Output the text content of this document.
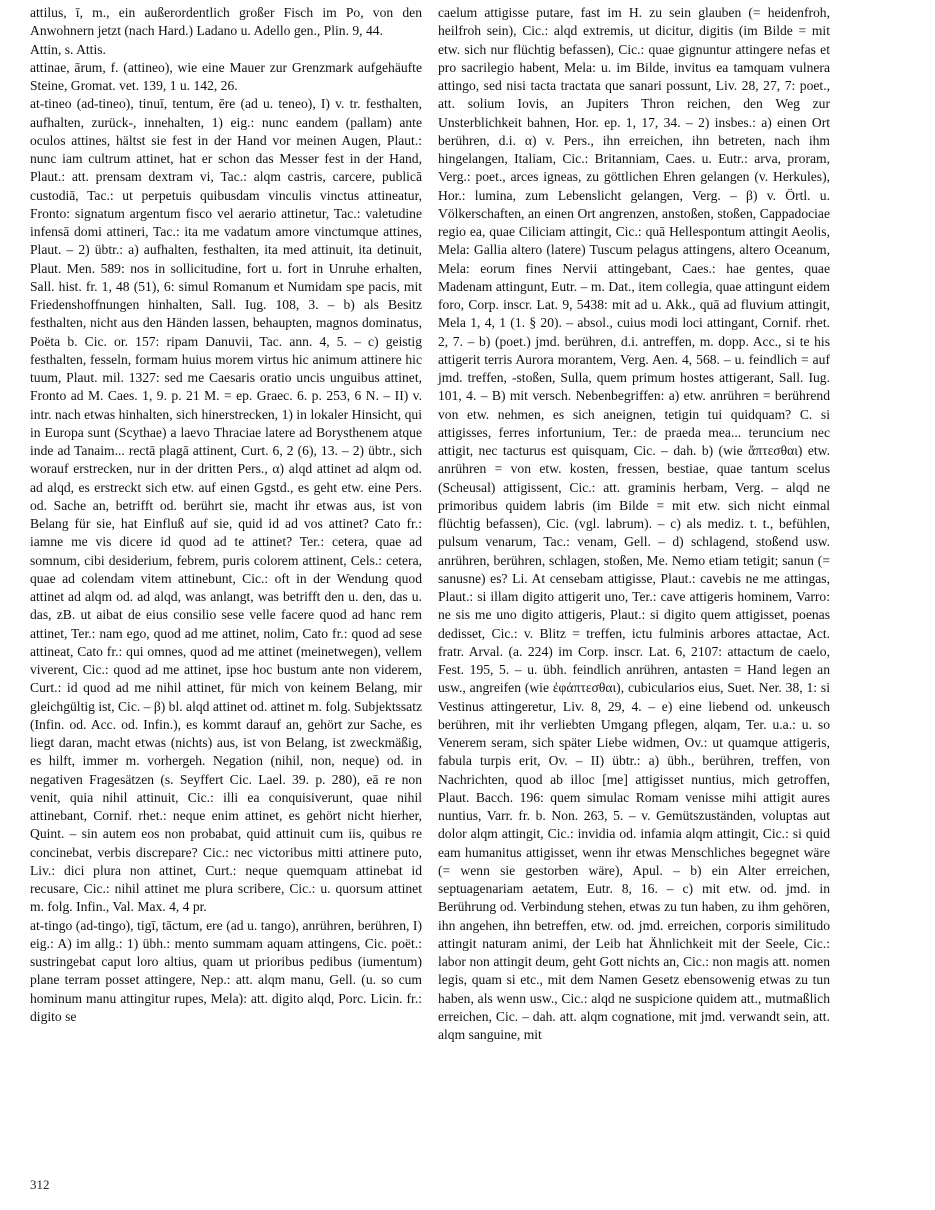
attilus, ī, m., ein außerordentlich großer Fisch im Po, von den Anwohnern jetzt (nach Hard.) Ladano u. Adello gen., Plin. 9, 44.

Attin, s. Attis.

attinae, ārum, f. (attineo), wie eine Mauer zur Grenzmark aufgehäufte Steine, Gromat. vet. 139, 1 u. 142, 26.

at-tineo (ad-tineo), tinuī, tentum, ēre (ad u. teneo), I) v. tr. festhalten, aufhalten, zurück-, innehalten, 1) eig.: nunc eandem (pallam) ante oculos attines, hältst sie fest in der Hand vor meinen Augen, Plaut.: nunc iam cultrum attinet, hat er schon das Messer fest in der Hand, Plaut.: att. prensam dextram vi, Tac.: alqm castris, carcere, publicā custodiā, Tac.: ut perpetuis quibusdam vinculis vinctus attineatur, Fronto: signatum argentum fisco vel aerario attinetur, Tac.: valetudine infensā domi attineri, Tac.: ita me vadatum amore vinctumque attines, Plaut. – 2) übtr.: a) aufhalten, festhalten, ita med attinuit, ita detinuit, Plaut. Men. 589: nos in sollicitudine, fort u. fort in Unruhe erhalten, Sall. hist. fr. 1, 48 (51), 6: simul Romanum et Numidam spe pacis, mit Friedenshoffnungen hinhalten, Sall. Iug. 108, 3. – b) als Besitz festhalten, nicht aus den Händen lassen, behaupten, magnos dominatus, Poëta b. Cic. or. 157: ripam Danuvii, Tac. ann. 4, 5. – c) geistig festhalten, fesseln, formam huius morem virtus hic animum attinere hic tuum, Plaut. mil. 1327: sed me Caesaris oratio uncis unguibus attinet, Fronto ad M. Caes. 1, 9. p. 21 M. = ep. Graec. 6. p. 253, 6 N. – II) v. intr. nach etwas hinhalten, sich hinerstrecken, 1) in lokaler Hinsicht, qui in Europa sunt (Scythae) a laevo Thraciae latere ad Borysthenem atque inde ad Tanaim... rectā plagā attinent, Curt. 6, 2 (6), 13. – 2) übtr., sich worauf erstrecken, nur in der dritten Pers., α) alqd attinet ad alqm od. ad alqd, es erstreckt sich etw. auf einen Ggstd., es geht etw. eine Pers. od. Sache an, betrifft od. berührt sie, macht ihr etwas aus, ist von Belang für sie, hat Einfluß auf sie, quid id ad vos attinet? Cato fr.: iamne me vis dicere id quod ad te attinet? Ter.: cetera, quae ad somnum, cibi desiderium, febrem, puris colorem attinent, Cels.: cetera, quae ad colendam vitem attinebunt, Cic.: oft in der Wendung quod attinet ad alqm od. ad alqd, was anlangt, was betrifft den u. den, das u. das, zB. ut aibat de eius consilio sese velle facere quod ad hanc rem attinet, Ter.: nam ego, quod ad me attinet, nolim, Cato fr.: quod ad sese attineat, Cato fr.: qui omnes, quod ad me attinet (meinetwegen), vellem viverent, Cic.: quod ad me attinet, ipse hoc bustum ante non viderem, Curt.: id quod ad me nihil attinet, für mich von keinem Belang, mir gleichgültig ist, Cic. – β) bl. alqd attinet od. attinet m. folg. Subjektssatz (Infin. od. Acc. od. Infin.), es kommt darauf an, gehört zur Sache, es liegt daran, macht etwas (nichts) aus, ist von Belang, ist zweckmäßig, es hilft, immer m. vorhergeh. Negation (nihil, non, neque) od. in negativen Fragesätzen (s. Seyffert Cic. Lael. 39. p. 280), eā re non venit, quia nihil attinuit, Cic.: illi ea conquisiverunt, quae nihil attinebant, Cornif. rhet.: neque enim attinet, es gehört nicht hierher, Quint. – sin autem eos non probabat, quid attinuit cum iis, quibus re concinebat, verbis discrepare? Cic.: nec victoribus mitti attinere puto, Liv.: dici plura non attinet, Curt.: neque quemquam attinebat id recusare, Cic.: nihil attinet me plura scribere, Cic.: u. quorsum attinet m. folg. Infin., Val. Max. 4, 4 pr.

at-tingo (ad-tingo), tigī, tāctum, ere (ad u. tango), anrühren, berühren, I) eig.: A) im allg.: 1) übh.: mento summam aquam attingens, Cic. poët.: sustringebat caput loro altius, quam ut prioribus pedibus (iumentum) plane terram posset attingere, Nep.: att. alqm manu, Gell. (u. so cum hominum manu attingitur rupes, Mela): att. digito alqd, Porc. Licin. fr.: digito se

caelum attigisse putare, fast im H. zu sein glauben (= heidenfroh, heilfroh sein), Cic.: alqd extremis, ut dicitur, digitis (im Bilde = mit etw. sich nur flüchtig befassen), Cic.: quae gignuntur attingere nefas et pro sacrilegio habent, Mela: u. im Bilde, invitus ea tamquam vulnera attingo, sed nisi tacta tractata que sanari possunt, Liv. 28, 27, 7: poet., att. solium Iovis, an Jupiters Thron reichen, den Weg zur Unsterblichkeit bahnen, Hor. ep. 1, 17, 34. – 2) insbes.: a) einen Ort berühren, d.i. α) v. Pers., ihn erreichen, ihn betreten, nach ihm hingelangen, Italiam, Cic.: Britanniam, Caes. u. Eutr.: arva, proram, Verg.: poet., arces igneas, zu göttlichen Ehren gelangen (v. Herkules), Hor.: lumina, zum Lebenslicht gelangen, Verg. – β) v. Örtl. u. Völkerschaften, an einen Ort angrenzen, anstoßen, stoßen, Cappadociae regio ea, quae Ciliciam attingit, Cic.: quā Hellespontum attingit Aeolis, Mela: Gallia altero (latere) Tuscum pelagus attingens, altero Oceanum, Mela: eorum fines Nervii attingebant, Caes.: hae gentes, quae Madenam attingunt, Eutr. – m. Dat., item collegia, quae attingunt eidem foro, Corp. inscr. Lat. 9, 5438: mit ad u. Akk., quā ad fluvium attingit, Mela 1, 4, 1 (1. § 20). – absol., cuius modi loci attingant, Cornif. rhet. 2, 7. – b) (poet.) jmd. berühren, d.i. antreffen, m. dopp. Acc., si te his attigerit terris Aurora morantem, Verg. Aen. 4, 568. – u. feindlich = auf jmd. treffen, -stoßen, Sulla, quem primum hostes attigerant, Sall. Iug. 101, 4. – B) mit versch. Nebenbegriffen: a) etw. anrühren = berührend von etw. nehmen, es sich aneignen, tetigin tui quidquam? C. si attigisses, ferres infortunium, Ter.: de praeda mea... teruncium nec attigit, nec tacturus est quisquam, Cic. – dah. b) (wie ἅπτεσθαι) etw. anrühren = von etw. kosten, fressen, bestiae, quae tantum scelus (Scheusal) attigissent, Cic.: att. graminis herbam, Verg. – alqd ne primoribus quidem labris (im Bilde = mit etw. sich nicht einmal flüchtig befassen), Cic. (vgl. labrum). – c) als mediz. t. t., befühlen, pulsum venarum, Tac.: venam, Gell. – d) schlagend, stoßend usw. anrühren, berühren, schlagen, stoßen, Me. Nemo etiam tetigit; sanun (= sanusne) es? Li. At censebam attigisse, Plaut.: cavebis ne me attingas, Plaut.: si illam digito attigerit uno, Ter.: cave attigeris hominem, Varro: ne sis me uno digito attigeris, Plaut.: si digito quem attigisset, poenas dedisset, Cic.: v. Blitz = treffen, ictu fulminis arbores attactae, Act. fratr. Arval. (a. 224) im Corp. inscr. Lat. 6, 2107: attactum de caelo, Fest. 195, 5. – u. übh. feindlich anrühren, antasten = Hand legen an usw., angreifen (wie ἐφάπτεσθαι), cubicularios eius, Suet. Ner. 38, 1: si Vestinus attingeretur, Liv. 8, 29, 4. – e) eine liebend od. unkeusch berühren, mit ihr verliebten Umgang pflegen, alqam, Ter. u.a.: u. so Venerem seram, sich später Liebe widmen, Ov.: ut quamque attigeris, fabula turpis erit, Ov. – II) übtr.: a) übh., berühren, treffen, von Nachrichten, quod ab illoc [me] attigisset nuntius, mich getroffen, Plaut. Bacch. 196: quem simulac Romam venisse mihi attigit aures nuntius, Varr. fr. b. Non. 263, 5. – v. Gemütszuständen, voluptas aut dolor alqm attingit, Cic.: invidia od. infamia alqm attingit, Cic.: si quid eam humanitus attigisset, wenn ihr etwas Menschliches begegnet wäre (= wenn sie gestorben wäre), Apul. – b) ein Alter erreichen, septuagenariam aetatem, Eutr. 8, 16. – c) mit etw. od. jmd. in Berührung od. Verbindung stehen, etwas zu tun haben, zu ihm gehören, ihn angehen, ihn betreffen, etw. od. jmd. erreichen, corporis similitudo attingit naturam animi, der Leib hat Ähnlichkeit mit der Seele, Cic.: labor non attingit deum, geht Gott nichts an, Cic.: non magis att. nomen legis, quam si etc., mit dem Namen Gesetz ebensowenig etwas zu tun haben, als wenn usw., Cic.: alqd ne suspicione quidem att., mutmaßlich erreichen, Cic. – dah. att. alqm cognatione, mit jmd. verwandt sein, att. alqm sanguine, mit

312
